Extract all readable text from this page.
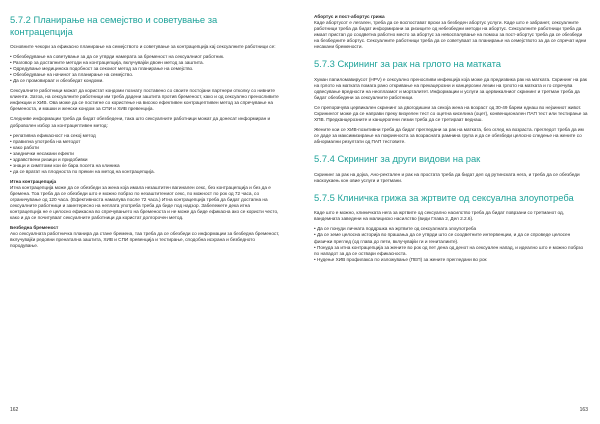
5.7.2 Планирање на семејство и советување за контрацепција

Основните чекори за ефикасно планирање на семејството и советување за контрацепција кај сексуалните работници се:

• Обезбедување на советување за да се утврди намерата за бременост на сексуалниот работник.
• Разговор за достапните методи на контрацепција, вклучувајќи двоен метод за заштита.
• Одредување медицинска подобност за секоиот метод за планирање на семејство.
• Обезбедување на начинот за планирање на семејство.
• Да се промовираат и обезбедат кондоми.

Сексуалните работници можат да користат кондоми познату поставено со своите постојани партнери отколку со нивните клиенти. Затоа, на сексуалните работници им треба дадени заштита против бременост, како и од сексуално преносливите инфекции и ХИВ. Ова може да се постигне со користење на високо ефективен контрацептивен метод за спречување на бременоста, и машки и женски кондом за СПИ и ХИВ превенција.

Следниве информации треба да бидат обезбедени, така што сексуалните работници можат да донесат информиран и доброволен избор за контрацептивен метод:

• релативна ефикасност на секој метод
• правилна употреба на методот
• како работи
• заеднички несакани ефекти
• здравствени ризици и придобивки
• знаци и симптоми кои ќе бара посета на клиника
• да се вратат на плодноста по прекин на метод на контрацепција.
Итна контрацепција

Итна контрацепција може да се обезбеди за жена која имала незаштитен вагинален секс, без контрацепција и без да е бремена. Тоа треба да се обезбеди што е можно побрзо по незаштитениот секс, по можност по рок од 72 часа, со ограничување од 120 часа. (Ефективноста намалува после 72 часа.) Итна контрацепција треба да бидат достапна на сексуалните работници и заинтересно на неплата употреба треба да биде под надзор. Забележете дека итна контрацепција не е целосно ефикасна во спречувањето на бременоста и не може да биде ефикасна ако се користи често, како и да се почитуваат сексуалните работници да користат долгорочен метод.

Безбедна бременост

Ако сексуалната работничка планира да стане бремена, таа треба да се обезбеди со информации за безбедна бременост, вклучувајќи редовни пренатална заштита, ХИВ и СПИ превенција и тестирање, сподобна исхрана и безбедното породување.

162
Абортус и пост-абортус грижа

Каде абортусот е легален, треба да се воспостават врски за безбеден абортус услуги. Каде што е забранет, сексуалните работници треба да бидат информирани за ризиците од небезбедни методи на абортус. Сексуалните работници треба да имаат пристап до соодветна работно место за абортус за невоспалување на помош за пост-абортус треба да се обезбеди на безбедните абортус. Сексуалните работници треба да се советуваат за планирање на семејството за да се спречат идни несакани бремености.

5.7.3 Скрининг за рак на грлото на матката

Хуман папиломавирусот (HPV) е сексуално преносливи инфекција која може да предизвика рак на матката. Скрининг на рак на грлото на матката помага рано откривање на прекацерозни и канцерозни лезии на грлото на матката и го спречува одвесување вредности на неоплазмот и морталитет. Информации и услуги за цервикалниот скрининг и третман треба да бидат обезбедени за сексуалните работници.

Се препорачува цервикален скрининг за двогодишни за секоја жена на возраст од 30-49 барем еднаш во нејзиниот живот. Скринингот може да се направи преку визуелен тест со оцетна киселина (оцет), конвенционален ПАП тест или тестирање за ХПВ. Предканцерозните и канцерогени лезии треба да се третираат веднаш.

Жените кои се ХИВ-позитивни треба да бидат прегледани за рак на матката, без оглед на возраста. прегледот треба да им се даде за максимизирање на покриеноста за возрасната рамнина група и да се обезбеди целосно следење на жените со абнормални резултати од ПАП тестовите.

5.7.4 Скрининг за други видови на рак

Скрининг за рак на дојка, Ано-ректален и рак на простата треба да бидат дел од рутинската нега, и треба да се обезбеди наскоукаењ кон овие услуги и третмани.

5.7.5 Клиничка грижа за жртвите од сексуална злоупотреба

Каде што е можно, клиничката нега за жртвите од сексуално насилство треба да бидат поврзани со третманот од, вандемната заведени на малициско насилство (види Глава 2, Дел 2.2.6).

• Да се понуди личната поддршка на жртвите од сексуалната злоупотреба
• Да се земе целосна историја во прашања да се утврди што се соодветните интервенции, и да се спроведе целосен физички преглед (од глава до пети, вклучувајќи ги и гениталиите).
• Понуда за итна контрацепција за жените во рок од пет дена од денот на сексуален напад, и идеално што е можно побрзо по нападот за да се оствари ефикасноста.
• Нудење ХИВ профилакса по изложување (ПЕП) за жените прегледани во рок
163
